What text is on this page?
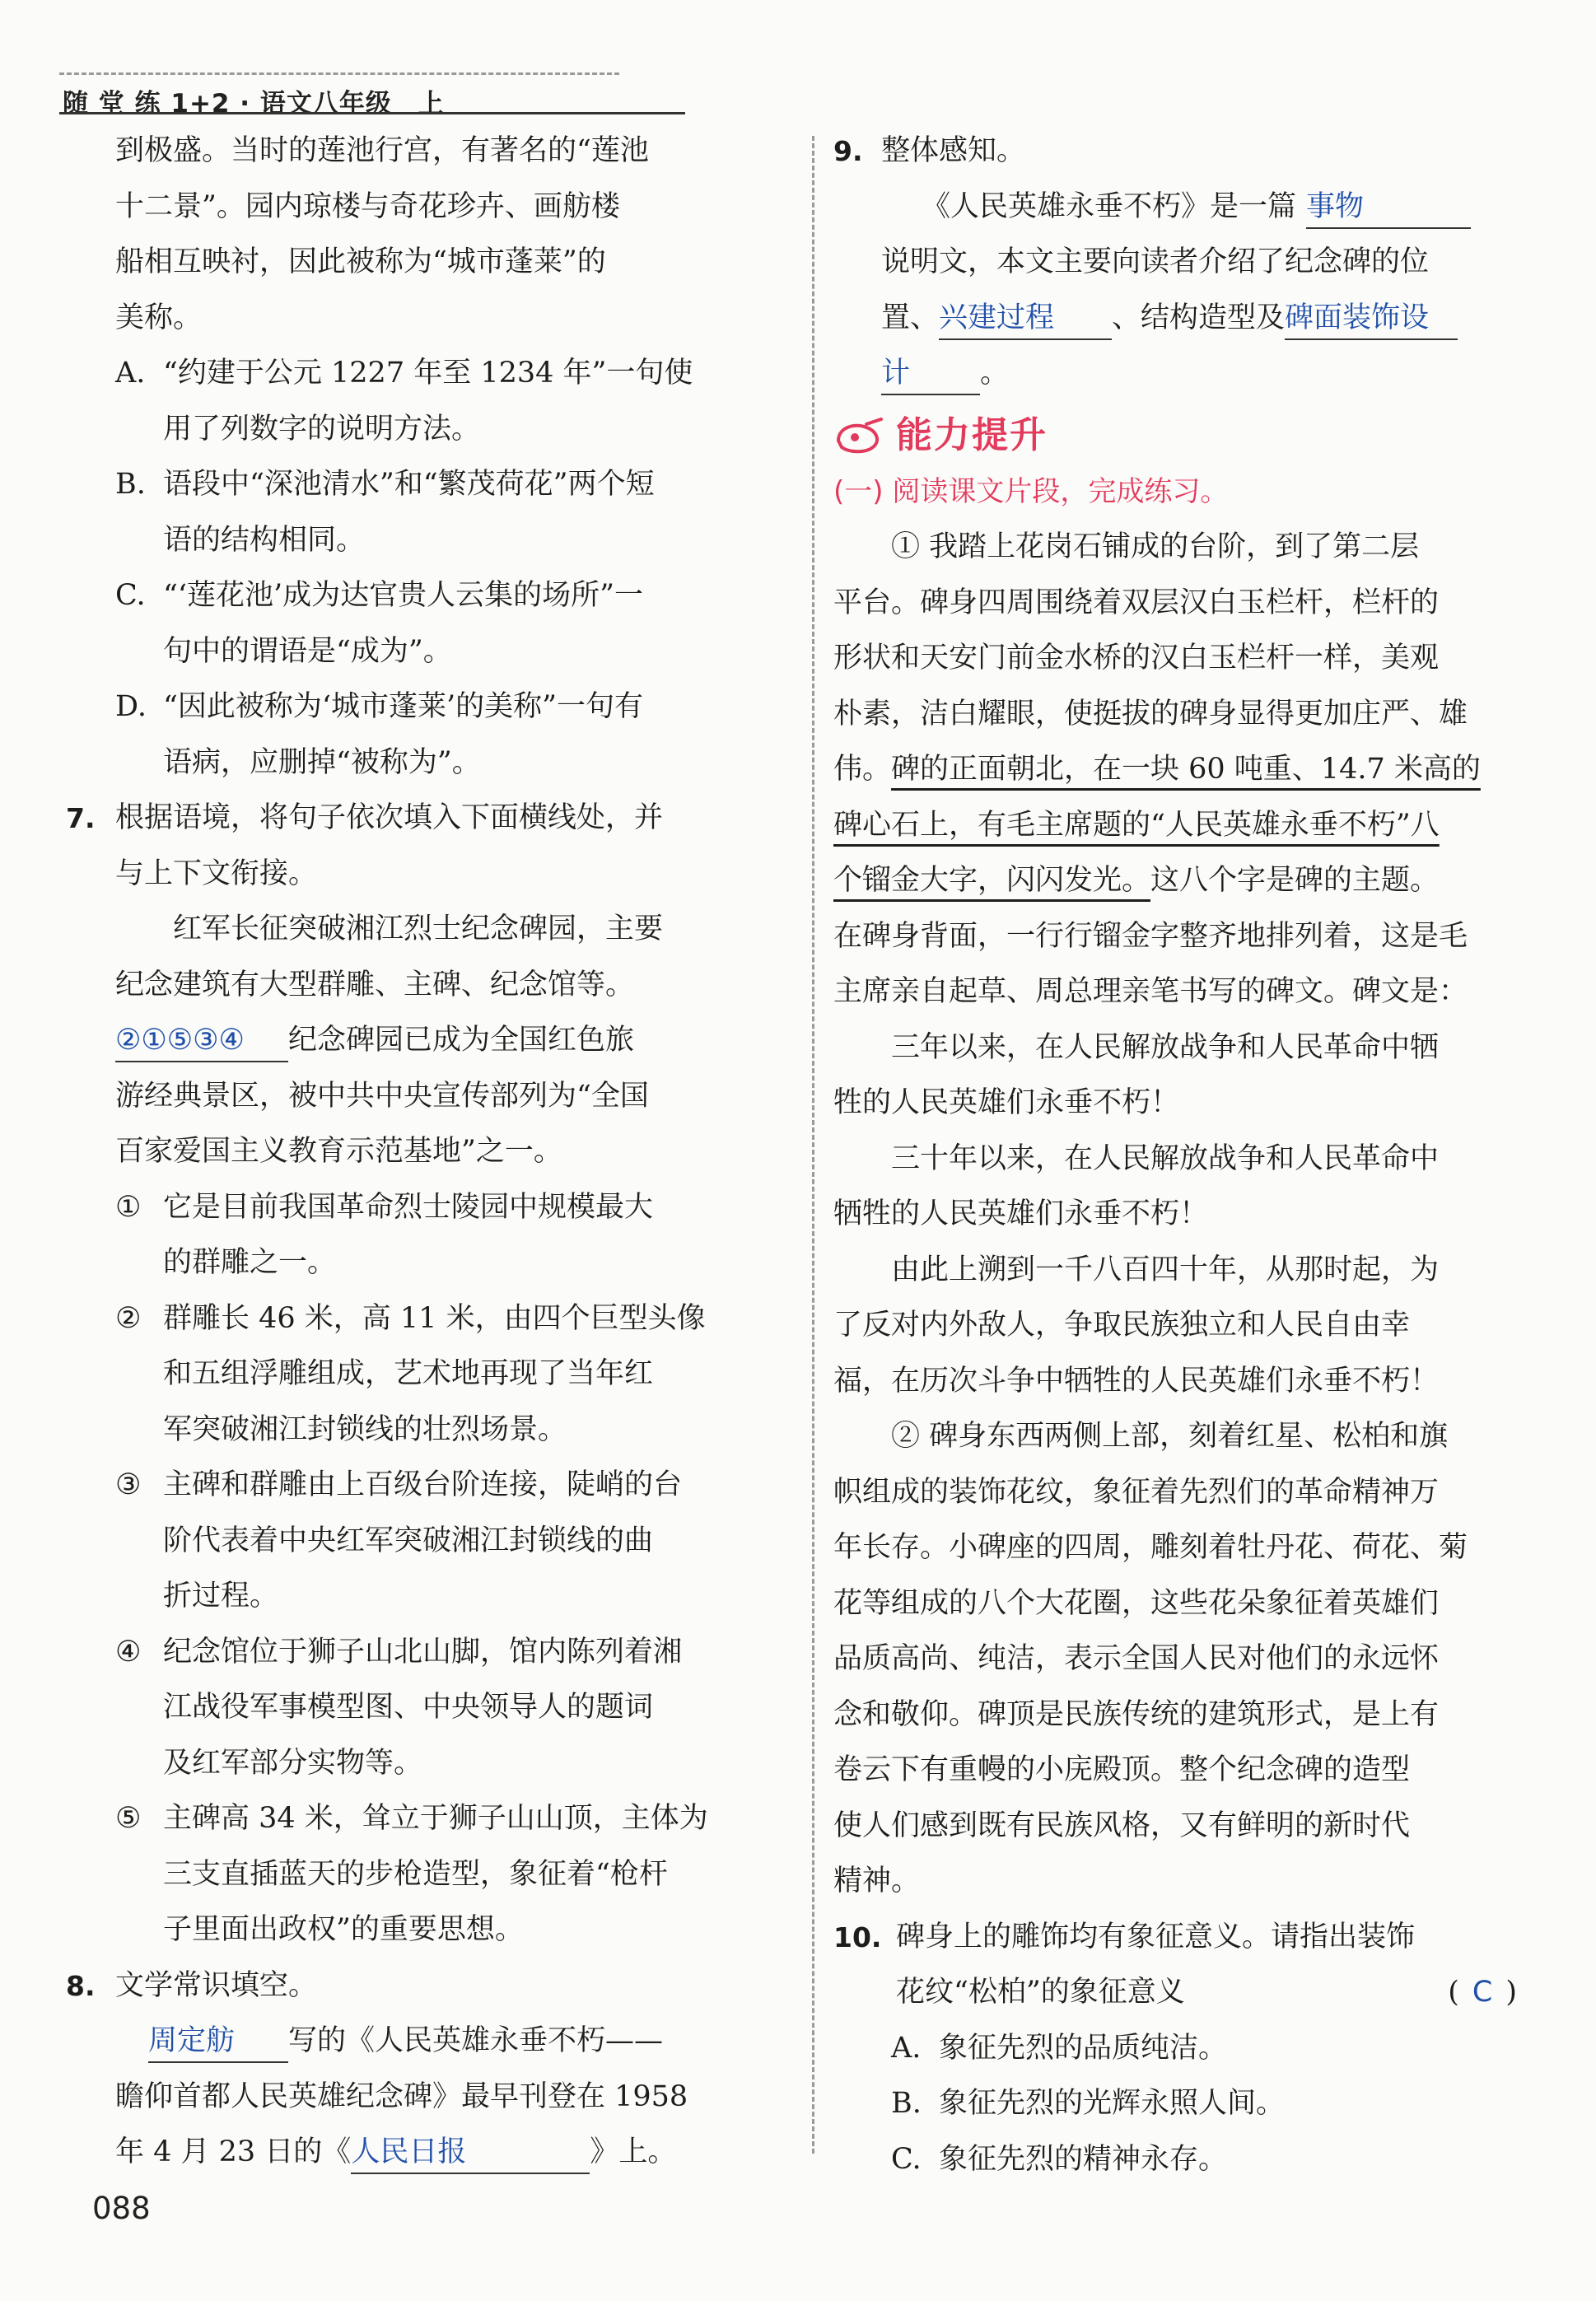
随 堂 练 1+2 · 语文八年级　上

到极盛。当时的莲池行宫，有著名的“莲池
十二景”。园内琼楼与奇花珍卉、画舫楼
船相互映衬，因此被称为“城市蓬莱”的
美称。

A. “约建于公元 1227 年至 1234 年”一句使
用了列数字的说明方法。

B. 语段中“深池清水”和“繁茂荷花”两个短
语的结构相同。

C. “‘莲花池’成为达官贵人云集的场所”一
句中的谓语是“成为”。

D. “因此被称为‘城市蓬莱’的美称”一句有
语病，应删掉“被称为”。

7. 根据语境，将句子依次填入下面横线处，并
与上下文衔接。

红军长征突破湘江烈士纪念碑园，主要
纪念建筑有大型群雕、主碑、纪念馆等。

②①⑤③④ 纪念碑园已成为全国红色旅
游经典景区，被中共中央宣传部列为“全国
百家爱国主义教育示范基地”之一。

① 它是目前我国革命烈士陵园中规模最大
的群雕之一。

② 群雕长 46 米，高 11 米，由四个巨型头像
和五组浮雕组成，艺术地再现了当年红
军突破湘江封锁线的壮烈场景。

③ 主碑和群雕由上百级台阶连接，陡峭的台
阶代表着中央红军突破湘江封锁线的曲
折过程。

④ 纪念馆位于狮子山北山脚，馆内陈列着湘
江战役军事模型图、中央领导人的题词
及红军部分实物等。

⑤ 主碑高 34 米，耸立于狮子山山顶，主体为
三支直插蓝天的步枪造型，象征着“枪杆
子里面出政权”的重要思想。

8. 文学常识填空。

周定舫 写的《人民英雄永垂不朽——
瞻仰首都人民英雄纪念碑》最早刊登在 1958
年 4 月 23 日的《人民日报	》上。

9. 整体感知。

《人民英雄永垂不朽》是一篇 事物
说明文，本文主要向读者介绍了纪念碑的位
置、兴建过程 、结构造型及碑面装饰设
计 。

能力提升

(一) 阅读课文片段，完成练习。

① 我踏上花岗石铺成的台阶，到了第二层

平台。碑身四周围绕着双层汉白玉栏杆，栏杆的
形状和天安门前金水桥的汉白玉栏杆一样，美观
朴素，洁白耀眼，使挺拔的碑身显得更加庄严、雄
伟。碑的正面朝北，在一块 60 吨重、14.7 米高的
碑心石上，有毛主席题的“人民英雄永垂不朽”八
个镏金大字，闪闪发光。这八个字是碑的主题。
在碑身背面，一行行镏金字整齐地排列着，这是毛
主席亲自起草、周总理亲笔书写的碑文。碑文是：

三年以来，在人民解放战争和人民革命中牺

牲的人民英雄们永垂不朽！

三十年以来，在人民解放战争和人民革命中

牺牲的人民英雄们永垂不朽！

由此上溯到一千八百四十年，从那时起，为

了反对内外敌人，争取民族独立和人民自由幸
福，在历次斗争中牺牲的人民英雄们永垂不朽！

② 碑身东西两侧上部，刻着红星、松柏和旗

帜组成的装饰花纹，象征着先烈们的革命精神万
年长存。小碑座的四周，雕刻着牡丹花、荷花、菊
花等组成的八个大花圈，这些花朵象征着英雄们
品质高尚、纯洁，表示全国人民对他们的永远怀
念和敬仰。碑顶是民族传统的建筑形式，是上有
卷云下有重幔的小庑殿顶。整个纪念碑的造型
使人们感到既有民族风格，又有鲜明的新时代
精神。

10. 碑身上的雕饰均有象征意义。请指出装饰
花纹“松柏”的象征意义	( C )

A. 象征先烈的品质纯洁。

B. 象征先烈的光辉永照人间。

C. 象征先烈的精神永存。

088
